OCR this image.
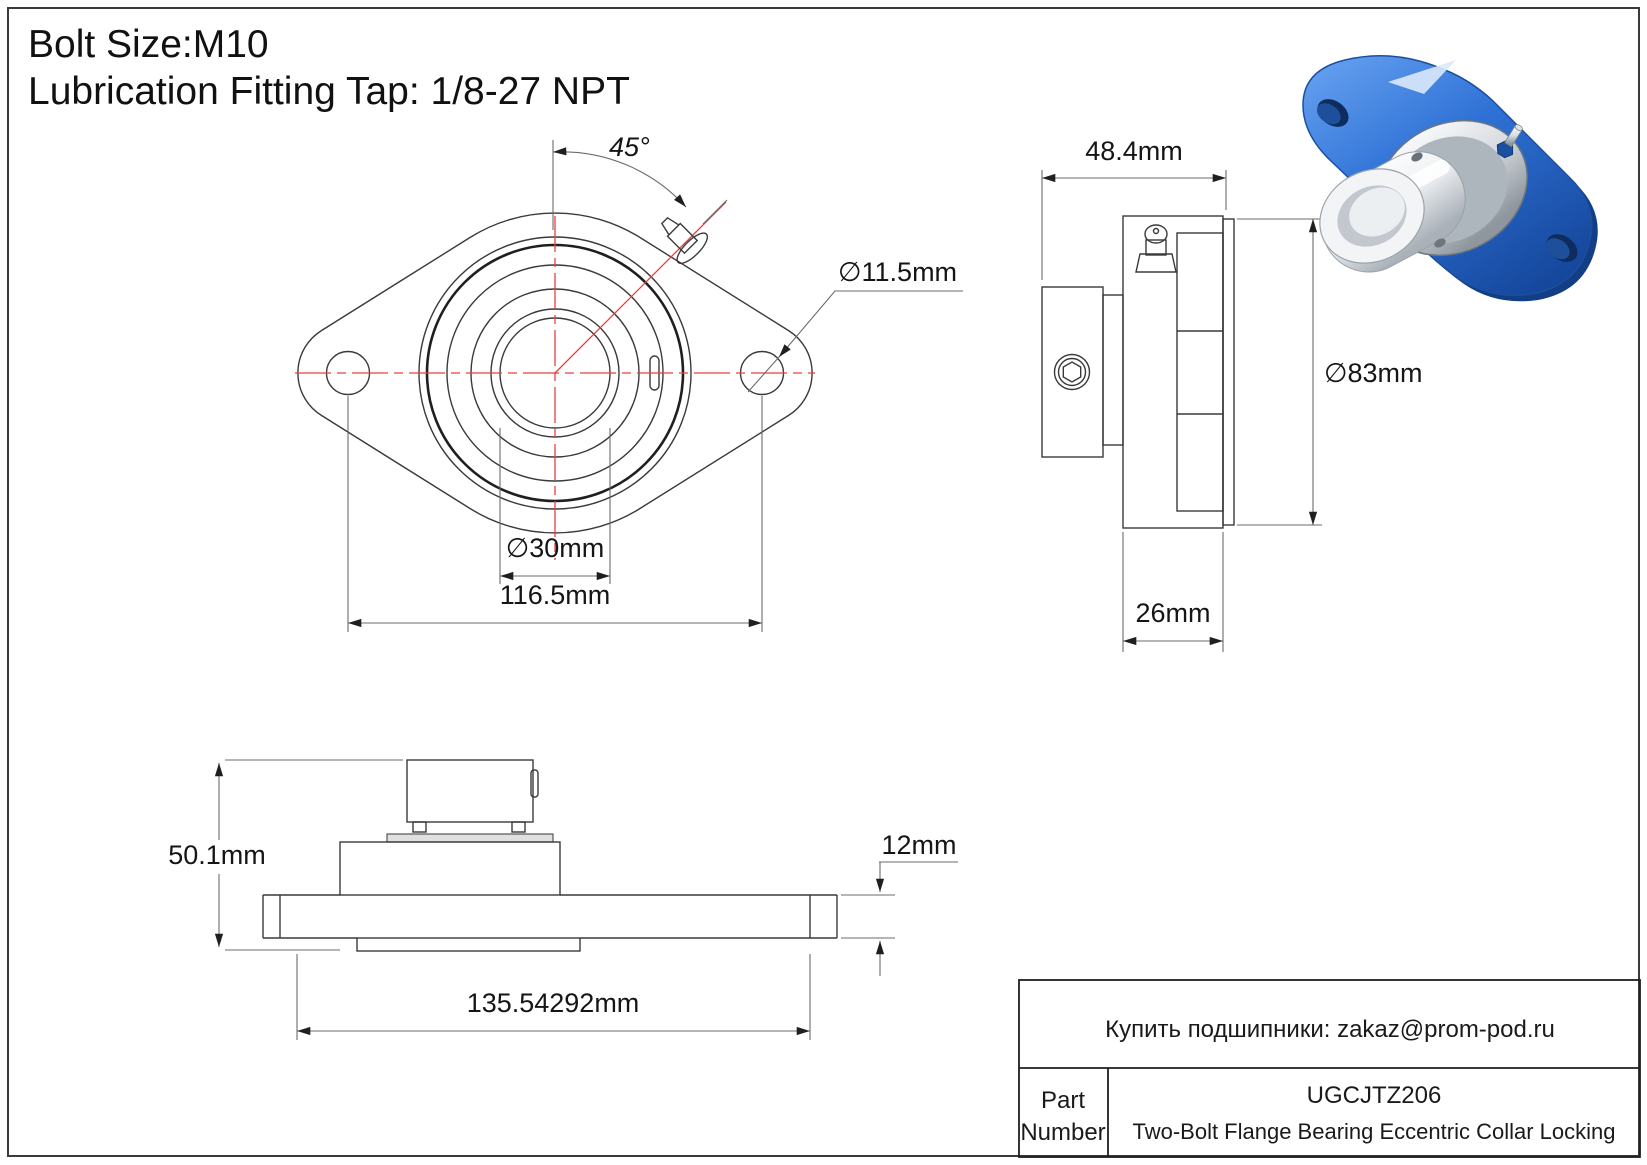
Bolt Size:M10
Lubrication Fitting Tap: 1/8-27 NPT
45°
∅11.5mm
∅30mm
116.5mm
48.4mm
∅83mm
26mm
50.1mm	12mm
135.54292mm
Купить подшипники: zakaz@prom-pod.ru
Part
Number
UGCJTZ206
Two-Bolt Flange Bearing Eccentric Collar Locking
